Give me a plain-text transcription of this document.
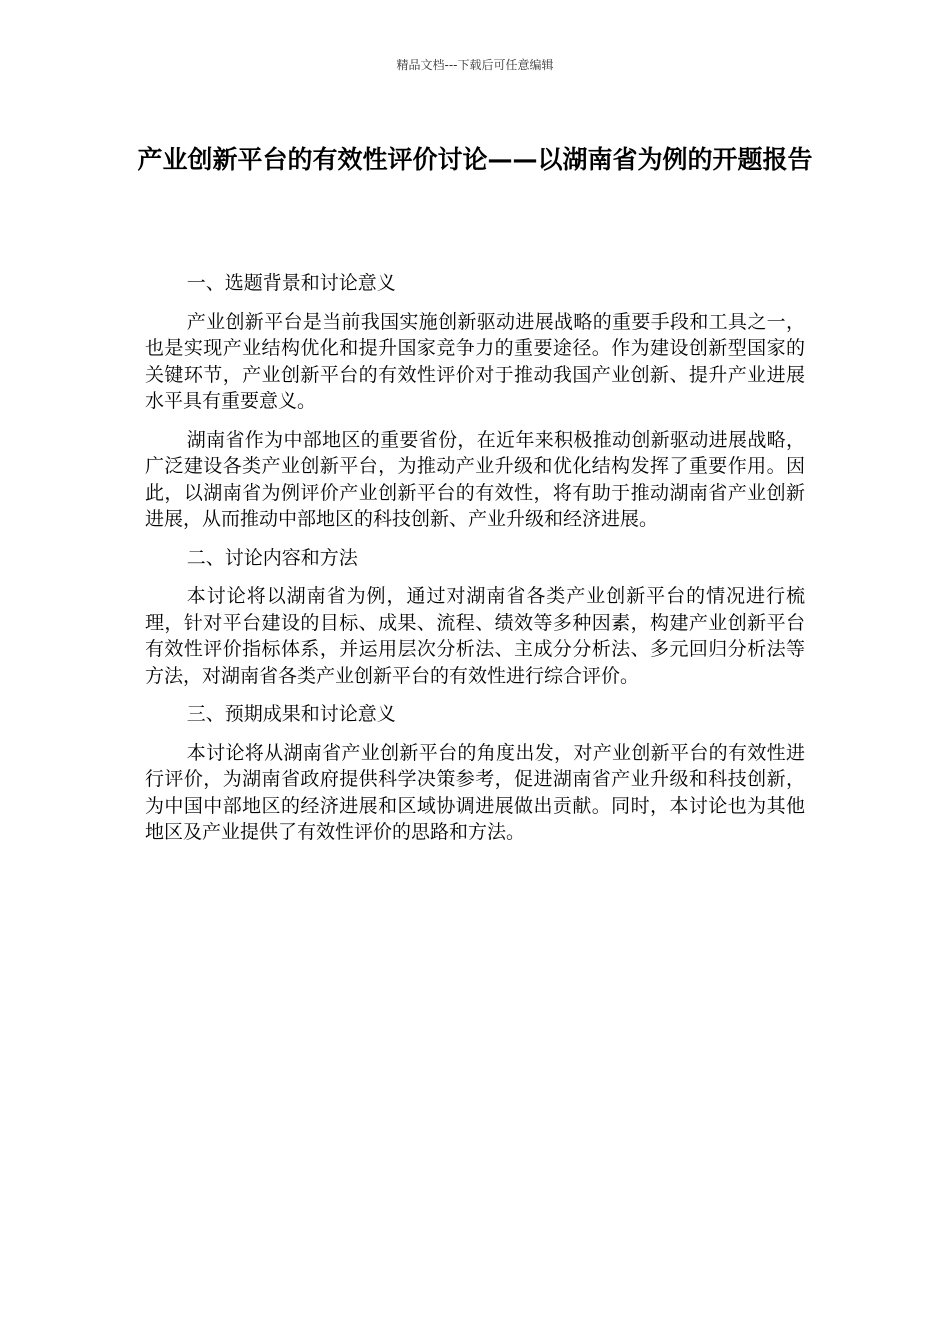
精品文档---下载后可任意编辑
产业创新平台的有效性评价讨论——以湖南省为例的开题报告

一、选题背景和讨论意义

产业创新平台是当前我国实施创新驱动进展战略的重要手段和工具之一，也是实现产业结构优化和提升国家竞争力的重要途径。作为建设创新型国家的关键环节，产业创新平台的有效性评价对于推动我国产业创新、提升产业进展水平具有重要意义。

湖南省作为中部地区的重要省份，在近年来积极推动创新驱动进展战略，广泛建设各类产业创新平台，为推动产业升级和优化结构发挥了重要作用。因此，以湖南省为例评价产业创新平台的有效性，将有助于推动湖南省产业创新进展，从而推动中部地区的科技创新、产业升级和经济进展。

二、讨论内容和方法

本讨论将以湖南省为例，通过对湖南省各类产业创新平台的情况进行梳理，针对平台建设的目标、成果、流程、绩效等多种因素，构建产业创新平台有效性评价指标体系，并运用层次分析法、主成分分析法、多元回归分析法等方法，对湖南省各类产业创新平台的有效性进行综合评价。

三、预期成果和讨论意义

本讨论将从湖南省产业创新平台的角度出发，对产业创新平台的有效性进行评价，为湖南省政府提供科学决策参考，促进湖南省产业升级和科技创新，为中国中部地区的经济进展和区域协调进展做出贡献。同时，本讨论也为其他地区及产业提供了有效性评价的思路和方法。
